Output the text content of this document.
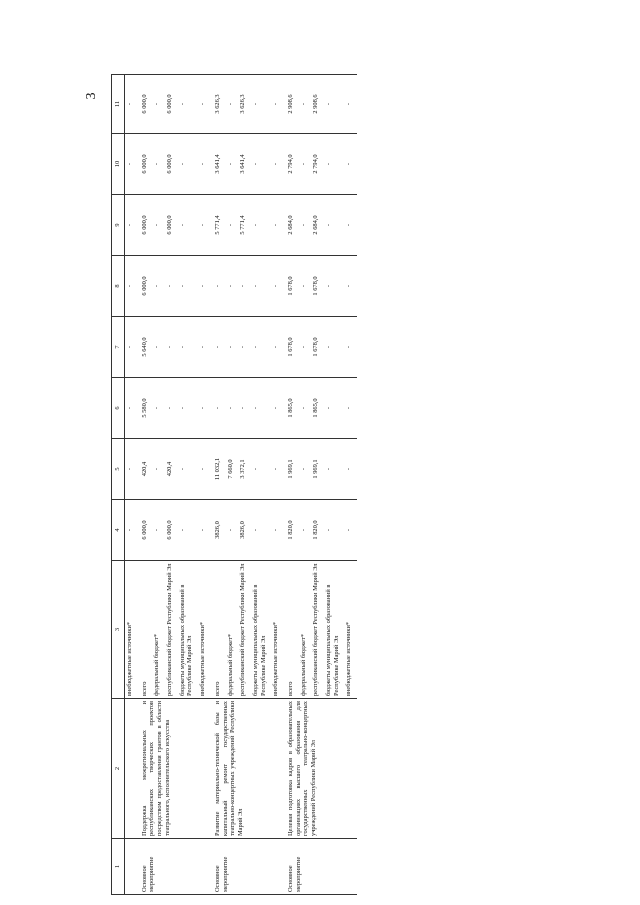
3
1	2	3	4	5	6	7	8	9	10	11
		внебюджетные источники*	-	-	-	-	-	-	-	-
Основное мероприятие	Поддержка межрегиональных и республиканских творческих проектов посредством предоставления грантов в области театрального, исполнительского искусства	всего	6 000,0	420,4	5 580,0	5 640,0	6 000,0	6 000,0	6 000,0	6 000,0
		федеральный бюджет*	-	-	-	-	-	-	-	-
		республиканский бюджет Республики Марий Эл	6 000,0	420,4	-	-	-	6 000,0	6 000,0	6 000,0
		бюджеты муниципальных образований в Республике Марий Эл	-	-	-	-	-	-	-	-
		внебюджетные источники*	-	-	-	-	-	-	-	-
Основное мероприятие	Развитие материально-технической базы и капитальный ремонт государственных театрально-концертных учреждений Республики Марий Эл	всего	3826,0	11 032,1	-	-	-	5 771,4	3 641,4	3 626,3
		федеральный бюджет*	-	7 660,0	-	-	-	-	-	-
		республиканский бюджет Республики Марий Эл	3826,0	3 372,1	-	-	-	5 771,4	3 641,4	3 626,3
		бюджеты муниципальных образований в Республике Марий Эл	-	-	-	-	-	-	-	-
		внебюджетные источники*	-	-	-	-	-	-	-	-
Основное мероприятие	Целевая подготовка кадров в образовательных организациях высшего образования для государственных театрально-концертных учреждений Республики Марий Эл	всего	1 820,0	1 969,1	1 865,0	1 678,0	1 678,0	2 684,0	2 794,0	2 908,6
		федеральный бюджет*	-	-	-	-	-	-	-	-
		республиканский бюджет Республики Марий Эл	1 820,0	1 969,1	1 865,0	1 678,0	1 678,0	2 684,0	2 794,0	2 908,6
		бюджеты муниципальных образований в Республике Марий Эл	-	-	-	-	-	-	-	-
		внебюджетные источники*	-	-	-	-	-	-	-	-
